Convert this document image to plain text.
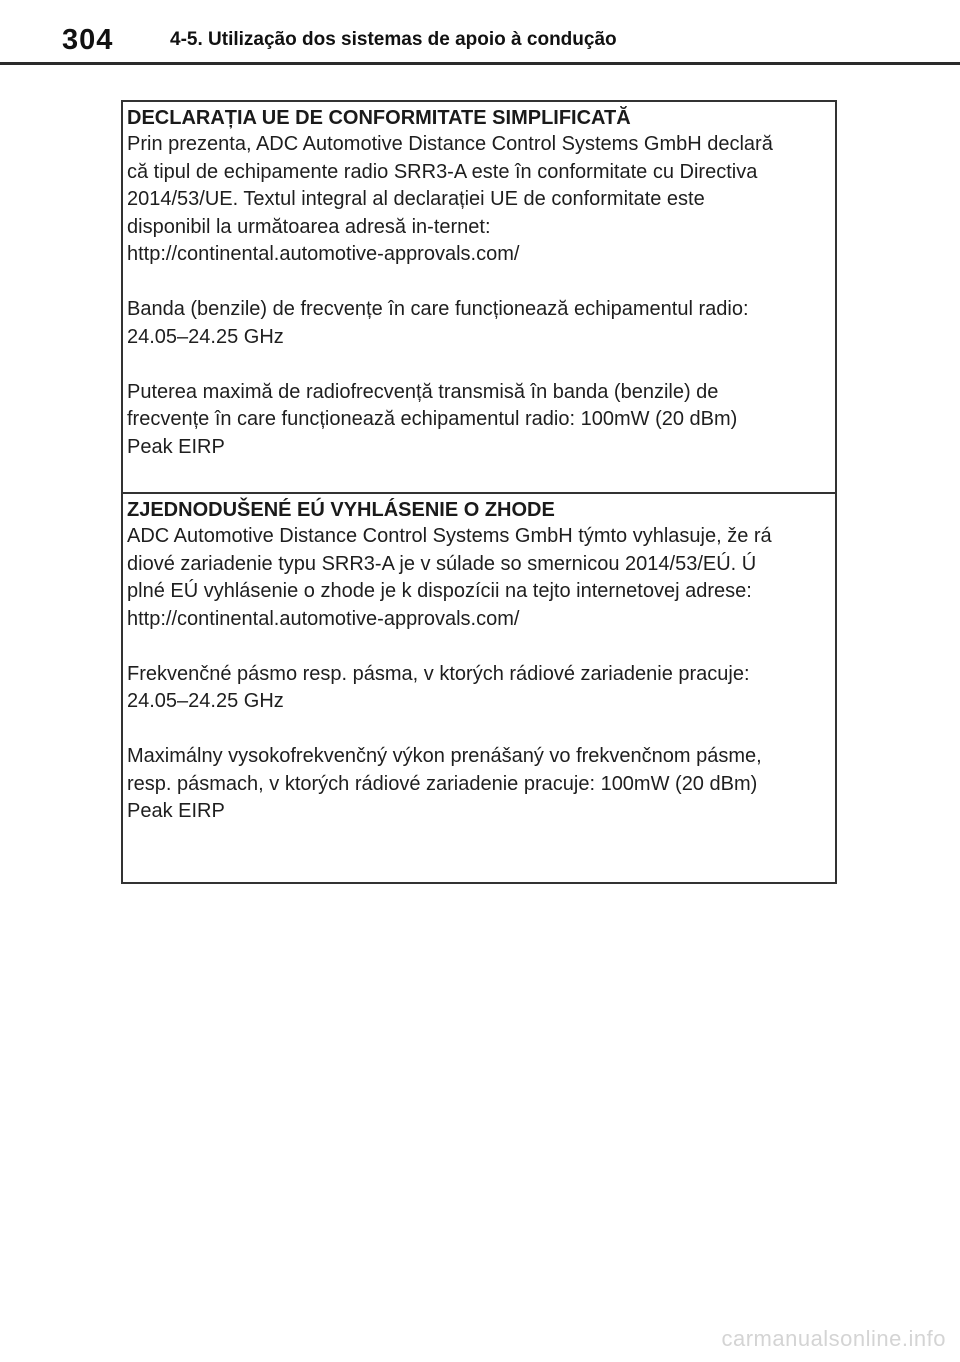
304	4-5. Utilização dos sistemas de apoio à condução
DECLARAȚIA UE DE CONFORMITATE SIMPLIFICATĂ

Prin prezenta, ADC Automotive Distance Control Systems GmbH declară

că tipul de echipamente radio SRR3-A este în conformitate cu Directiva

2014/53/UE. Textul integral al declarației UE de conformitate este

disponibil la următoarea adresă in-ternet:

http://continental.automotive-approvals.com/

Banda (benzile) de frecvențe în care funcționează echipamentul radio:

24.05–24.25 GHz

Puterea maximă de radiofrecvență transmisă în banda (benzile) de

frecvențe în care funcționează echipamentul radio: 100mW (20 dBm)

Peak EIRP

ZJEDNODUŠENÉ EÚ VYHLÁSENIE O ZHODE

ADC Automotive Distance Control Systems GmbH týmto vyhlasuje, že rá

diové zariadenie typu SRR3-A je v súlade so smernicou 2014/53/EÚ. Ú

plné EÚ vyhlásenie o zhode je k dispozícii na tejto internetovej adrese:

http://continental.automotive-approvals.com/

Frekvenčné pásmo resp. pásma, v ktorých rádiové zariadenie pracuje:

24.05–24.25 GHz

Maximálny vysokofrekvenčný výkon prenášaný vo frekvenčnom pásme,

resp. pásmach, v ktorých rádiové zariadenie pracuje: 100mW (20 dBm)

Peak EIRP

carmanualsonline.info
